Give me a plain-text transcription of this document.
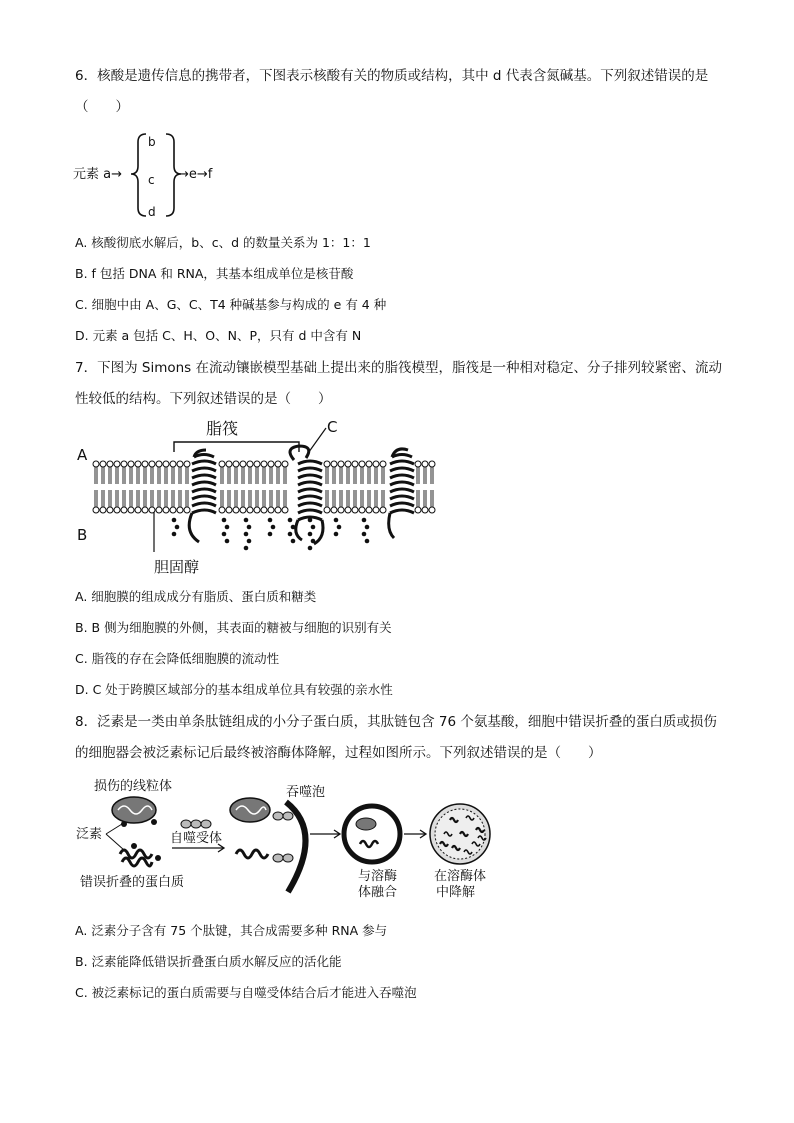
6．核酸是遗传信息的携带者，下图表示核酸有关的物质或结构，其中 d 代表含氮碱基。下列叙述错误的是
（　　）
元素 a→
b
c
d
→e→f
A. 核酸彻底水解后，b、c、d 的数量关系为 1：1：1
B. f 包括 DNA 和 RNA，其基本组成单位是核苷酸
C. 细胞中由 A、G、C、T4 种碱基参与构成的 e 有 4 种
D. 元素 a 包括 C、H、O、N、P，只有 d 中含有 N
7．下图为 Simons 在流动镶嵌模型基础上提出来的脂筏模型，脂筏是一种相对稳定、分子排列较紧密、流动
性较低的结构。下列叙述错误的是（　　）
A
B
脂筏	C
胆固醇
A. 细胞膜的组成成分有脂质、蛋白质和糖类
B. B 侧为细胞膜的外侧，其表面的糖被与细胞的识别有关
C. 脂筏的存在会降低细胞膜的流动性
D. C 处于跨膜区域部分的基本组成单位具有较强的亲水性
8．泛素是一类由单条肽链组成的小分子蛋白质，其肽链包含 76 个氨基酸，细胞中错误折叠的蛋白质或损伤
的细胞器会被泛素标记后最终被溶酶体降解，过程如图所示。下列叙述错误的是（　　）
损伤的线粒体
泛素	自噬受体
错误折叠的蛋白质
吞噬泡
与溶酶
体融合
在溶酶体
中降解
A. 泛素分子含有 75 个肽键，其合成需要多种 RNA 参与
B. 泛素能降低错误折叠蛋白质水解反应的活化能
C. 被泛素标记的蛋白质需要与自噬受体结合后才能进入吞噬泡
